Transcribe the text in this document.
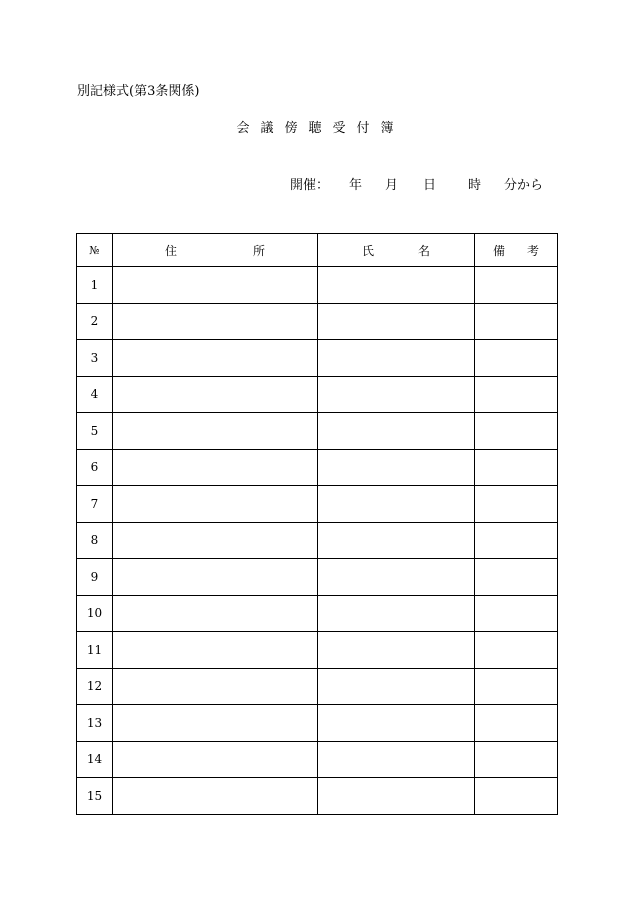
別記様式(第3条関係)
会議傍聴受付簿
開催： 年 月 日 時 分から
№	住所	氏名	備考
1			
2			
3			
4			
5			
6			
7			
8			
9			
10			
11			
12			
13			
14			
15			
